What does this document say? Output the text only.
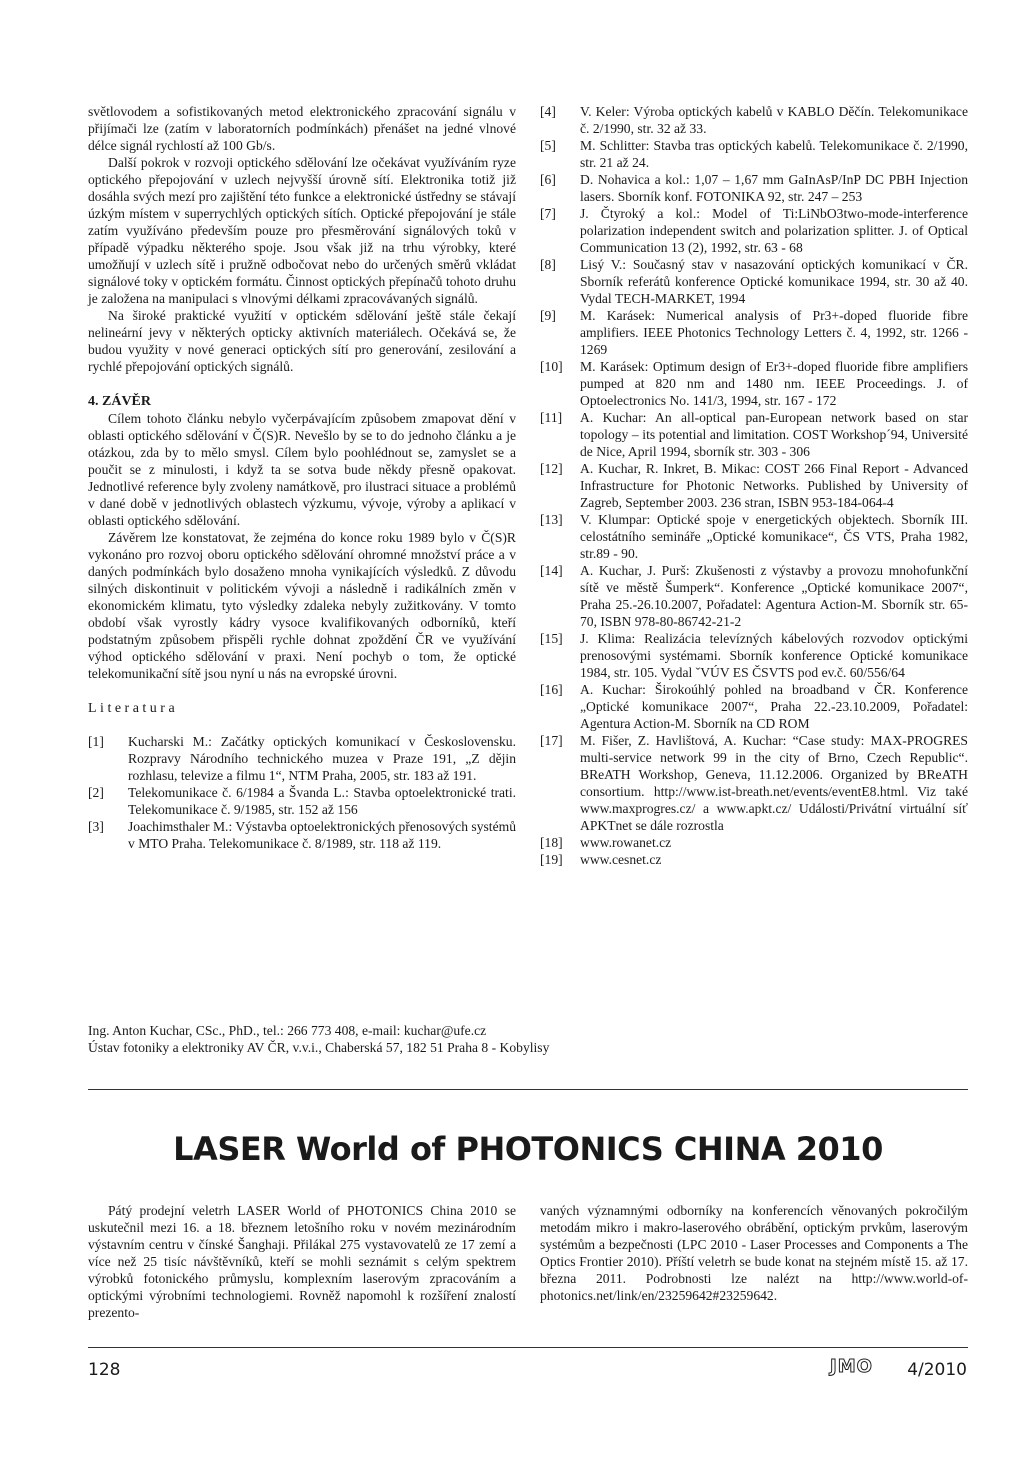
světlovodem a sofistikovaných metod elektronického zpracování signálu v přijímači lze (zatím v laboratorních podmínkách) přenášet na jedné vlnové délce signál rychlostí až 100 Gb/s.

Další pokrok v rozvoji optického sdělování lze očekávat využíváním ryze optického přepojování v uzlech nejvyšší úrovně sítí. Elektronika totiž již dosáhla svých mezí pro zajištění této funkce a elektronické ústředny se stávají úzkým místem v superrychlých optických sítích. Optické přepojování je stále zatím využíváno především pouze pro přesměrování signálových toků v případě výpadku některého spoje. Jsou však již na trhu výrobky, které umožňují v uzlech sítě i pružně odbočovat nebo do určených směrů vkládat signálové toky v optickém formátu. Činnost optických přepínačů tohoto druhu je založena na manipulaci s vlnovými délkami zpracovávaných signálů.

Na široké praktické využití v optickém sdělování ještě stále čekají nelineární jevy v některých opticky aktivních materiálech. Očekává se, že budou využity v nové generaci optických sítí pro generování, zesilování a rychlé přepojování optických signálů.

4. ZÁVĚR

Cílem tohoto článku nebylo vyčerpávajícím způsobem zmapovat dění v oblasti optického sdělování v Č(S)R. Nevešlo by se to do jednoho článku a je otázkou, zda by to mělo smysl. Cílem bylo poohlédnout se, zamyslet se a poučit se z minulosti, i když ta se sotva bude někdy přesně opakovat. Jednotlivé reference byly zvoleny namátkově, pro ilustraci situace a problémů v dané době v jednotlivých oblastech výzkumu, vývoje, výroby a aplikací v oblasti optického sdělování.

Závěrem lze konstatovat, že zejména do konce roku 1989 bylo v Č(S)R vykonáno pro rozvoj oboru optického sdělování ohromné množství práce a v daných podmínkách bylo dosaženo mnoha vynikajících výsledků. Z důvodu silných diskontinuit v politickém vývoji a následně i radikálních změn v ekonomickém klimatu, tyto výsledky zdaleka nebyly zužitkovány. V tomto období však vyrostly kádry vysoce kvalifikovaných odborníků, kteří podstatným způsobem přispěli rychle dohnat zpoždění ČR ve využívání výhod optického sdělování v praxi. Není pochyb o tom, že optické telekomunikační sítě jsou nyní u nás na evropské úrovni.

Literatura
[1]	Kucharski M.: Začátky optických komunikací v Československu. Rozpravy Národního technického muzea v Praze 191, „Z dějin rozhlasu, televize a filmu 1“, NTM Praha, 2005, str. 183 až 191.
[2]	Telekomunikace č. 6/1984 a Švanda L.: Stavba optoelektronické trati. Telekomunikace č. 9/1985, str. 152 až 156
[3]	Joachimsthaler M.: Výstavba optoelektronických přenosových systémů v MTO Praha. Telekomunikace č. 8/1989, str. 118 až 119.
[4]	V. Keler: Výroba optických kabelů v KABLO Děčín. Telekomunikace č. 2/1990, str. 32 až 33.
[5]	M. Schlitter: Stavba tras optických kabelů. Telekomunikace č. 2/1990, str. 21 až 24.
[6]	D. Nohavica a kol.: 1,07 – 1,67 mm GaInAsP/InP DC PBH Injection lasers. Sborník konf. FOTONIKA 92, str. 247 – 253
[7]	J. Čtyroký a kol.: Model of Ti:LiNbO3two-mode-interference polarization independent switch and polarization splitter. J. of Optical Communication 13 (2), 1992, str. 63 - 68
[8]	Lisý V.: Současný stav v nasazování optických komunikací v ČR. Sborník referátů konference Optické komunikace 1994, str. 30 až 40. Vydal TECH-MARKET, 1994
[9]	M. Karásek: Numerical analysis of Pr3+-doped fluoride fibre amplifiers. IEEE Photonics Technology Letters č. 4, 1992, str. 1266 - 1269
[10]	M. Karásek: Optimum design of Er3+-doped fluoride fibre amplifiers pumped at 820 nm and 1480 nm. IEEE Proceedings. J. of Optoelectronics No. 141/3, 1994, str. 167 - 172
[11]	A. Kuchar: An all-optical pan-European network based on star topology – its potential and limitation. COST Workshop´94, Université de Nice, April 1994, sborník str. 303 - 306
[12]	A. Kuchar, R. Inkret, B. Mikac: COST 266 Final Report - Advanced Infrastructure for Photonic Networks. Published by University of Zagreb, September 2003. 236 stran, ISBN 953-184-064-4
[13]	V. Klumpar: Optické spoje v energetických objektech. Sborník III. celostátního semináře „Optické komunikace“, ČS VTS, Praha 1982, str.89 - 90.
[14]	A. Kuchar, J. Purš: Zkušenosti z výstavby a provozu mnohofunkční sítě ve městě Šumperk“. Konference „Optické komunikace 2007“, Praha 25.-26.10.2007, Pořadatel: Agentura Action-M. Sborník str. 65-70, ISBN 978-80-86742-21-2
[15]	J. Klima: Realizácia televízných kábelových rozvodov optickými prenosovými systémami. Sborník konference Optické komunikace 1984, str. 105. Vydal ˇVÚV ES ČSVTS pod ev.č. 60/556/64
[16]	A. Kuchar: Širokoúhlý pohled na broadband v ČR. Konference „Optické komunikace 2007“, Praha 22.-23.10.2009, Pořadatel: Agentura Action-M. Sborník na CD ROM
[17]	M. Fišer, Z. Havlištová, A. Kuchar: “Case study: MAX-PROGRES multi-service network 99 in the city of Brno, Czech Republic“. BReATH Workshop, Geneva, 11.12.2006. Organized by BReATH consortium. http://www.ist-breath.net/events/eventE8.html. Viz také www.maxprogres.cz/ a www.apkt.cz/ Události/Privátní virtuální síť APKTnet se dále rozrostla
[18]	www.rowanet.cz
[19]	www.cesnet.cz
Ing. Anton Kuchar, CSc., PhD., tel.: 266 773 408, e-mail: kuchar@ufe.cz
Ústav fotoniky a elektroniky AV ČR, v.v.i., Chaberská 57, 182 51 Praha 8 - Kobylisy
LASER World of PHOTONICS CHINA 2010

Pátý prodejní veletrh LASER World of PHOTONICS China 2010 se uskutečnil mezi 16. a 18. březnem letošního roku v novém mezinárodním výstavním centru v čínské Šanghaji. Přilákal 275 vystavovatelů ze 17 zemí a více než 25 tisíc návštěvníků, kteří se mohli seznámit s celým spektrem výrobků fotonického průmyslu, komplexním laserovým zpracováním a optickými výrobními technologiemi. Rovněž napomohl k rozšíření znalostí prezento-

vaných významnými odborníky na konferencích věnovaných pokročilým metodám mikro i makro-laserového obrábění, optickým prvkům, laserovým systémům a bezpečnosti (LPC 2010 - Laser Processes and Components a The Optics Frontier 2010). Příští veletrh se bude konat na stejném místě 15. až 17. března 2011. Podrobnosti lze nalézt na http://www.world-of-photonics.net/link/en/23259642#23259642.

128	JMO 4/2010
